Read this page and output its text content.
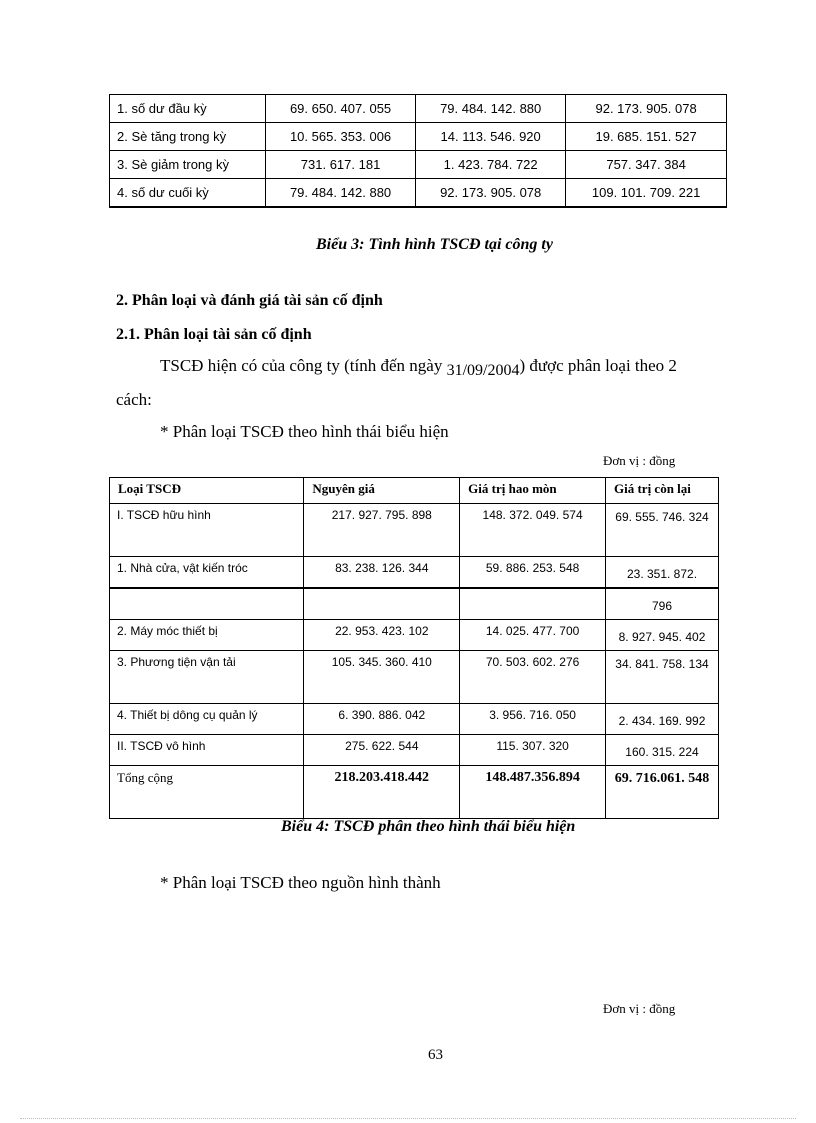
1. số dư đầu kỳ	69. 650. 407. 055	79. 484. 142. 880	92. 173. 905. 078
2. Sè tăng trong kỳ	10. 565. 353. 006	14. 113. 546. 920	19. 685. 151. 527
3. Sè giảm trong kỳ	731. 617. 181	1. 423. 784. 722	757. 347. 384
4. số dư cuối kỳ	79. 484. 142. 880	92. 173. 905. 078	109. 101. 709. 221
Biểu 3: Tình hình TSCĐ tại công ty
2. Phân loại và đánh giá tài sản cố định
2.1. Phân loại tài sản cố định
TSCĐ hiện có của công ty (tính đến ngày 31/09/2004) được phân loại theo 2
cách:
* Phân loại TSCĐ theo hình thái biểu hiện
Đơn vị : đồng
Loại TSCĐ	Nguyên giá	Giá trị hao mòn	Giá trị còn lại
I. TSCĐ hữu hình	217. 927. 795. 898	148. 372. 049. 574	69. 555. 746. 324

1. Nhà cửa, vật kiến tróc	83. 238. 126. 344	59. 886. 253. 548	23. 351. 872.
			796
2. Máy móc thiết bị	22. 953. 423. 102	14. 025. 477. 700	8. 927. 945. 402
3. Phương tiện vận tải	105. 345. 360. 410	70. 503. 602. 276	34. 841. 758. 134

4. Thiết bị dông cụ quản lý	6. 390. 886. 042	3. 956. 716. 050	2. 434. 169. 992
II. TSCĐ vô hình	275. 622. 544	115. 307. 320	160. 315. 224
Tổng cộng	218.203.418.442	148.487.356.894	69. 716.061. 548
Biểu 4: TSCĐ phân theo hình thái biểu hiện
* Phân loại TSCĐ theo nguồn hình thành
Đơn vị : đồng
63
